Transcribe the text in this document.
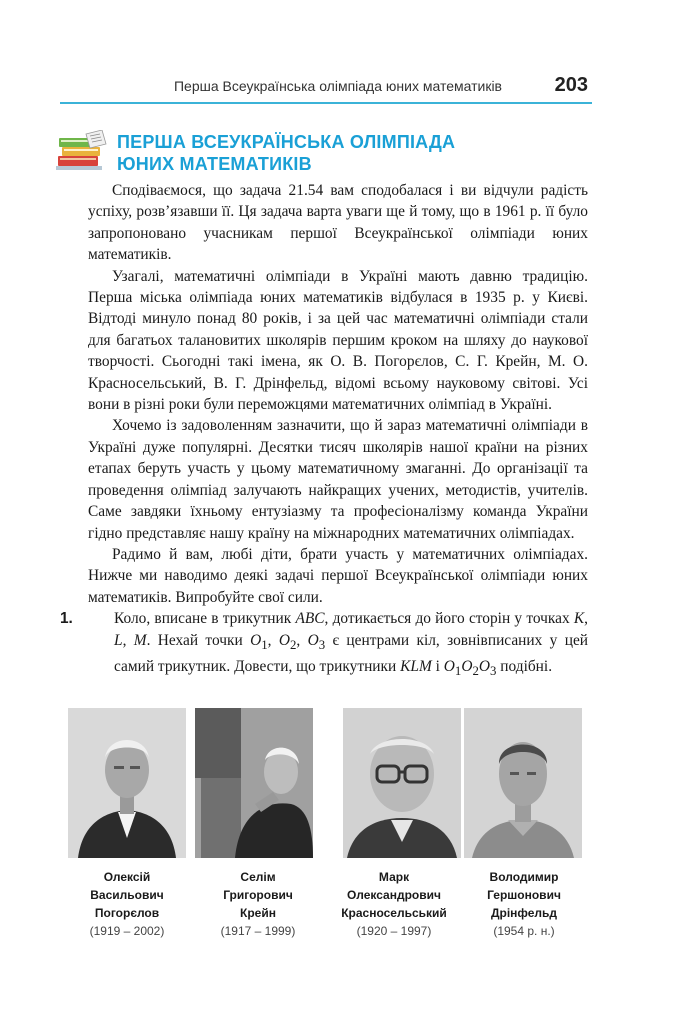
Перша Всеукраїнська олімпіада юних математиків	203
ПЕРША ВСЕУКРАЇНСЬКА ОЛІМПІАДА
ЮНИХ МАТЕМАТИКІВ

Сподіваємося, що задача 21.54 вам сподобалася і ви відчули радість успіху, розв’язавши її. Ця задача варта уваги ще й тому, що в 1961 р. її було запропоновано учасникам першої Всеукраїнської олімпіади юних математиків.

Узагалі, математичні олімпіади в Україні мають давню традицію. Перша міська олімпіада юних математиків відбулася в 1935 р. у Києві. Відтоді минуло понад 80 років, і за цей час математичні олімпіади стали для багатьох талановитих школярів першим кроком на шляху до наукової творчості. Сьогодні такі імена, як О. В. Погорєлов, С. Г. Крейн, М. О. Красносельський, В. Г. Дрінфельд, відомі всьому науковому світові. Усі вони в різні роки були переможцями математичних олімпіад в Україні.

Хочемо із задоволенням зазначити, що й зараз математичні олімпіади в Україні дуже популярні. Десятки тисяч школярів нашої країни на різних етапах беруть участь у цьому математичному змаганні. До організації та проведення олімпіад залучають найкращих учених, методистів, учителів. Саме завдяки їхньому ентузіазму та професіоналізму команда України гідно представляє нашу країну на міжнародних математичних олімпіадах.

Радимо й вам, любі діти, брати участь у математичних олімпіадах. Нижче ми наводимо деякі задачі першої Всеукраїнської олімпіади юних математиків. Випробуйте свої сили.

1.	Коло, вписане в трикутник ABC, дотикається до його сторін у точках K, L, M. Нехай точки $O_1$, $O_2$, $O_3$ є центрами кіл, зовнівписаних у цей самий трикутник. Довести, що трикутники KLM і $O_1O_2O_3$ подібні.

Олексій
Васильович
Погорєлов
(1919 – 2002)
Селім
Григорович
Крейн
(1917 – 1999)
Марк
Олександрович
Красносельський
(1920 – 1997)
Володимир
Гершонович
Дрінфельд
(1954 р. н.)
